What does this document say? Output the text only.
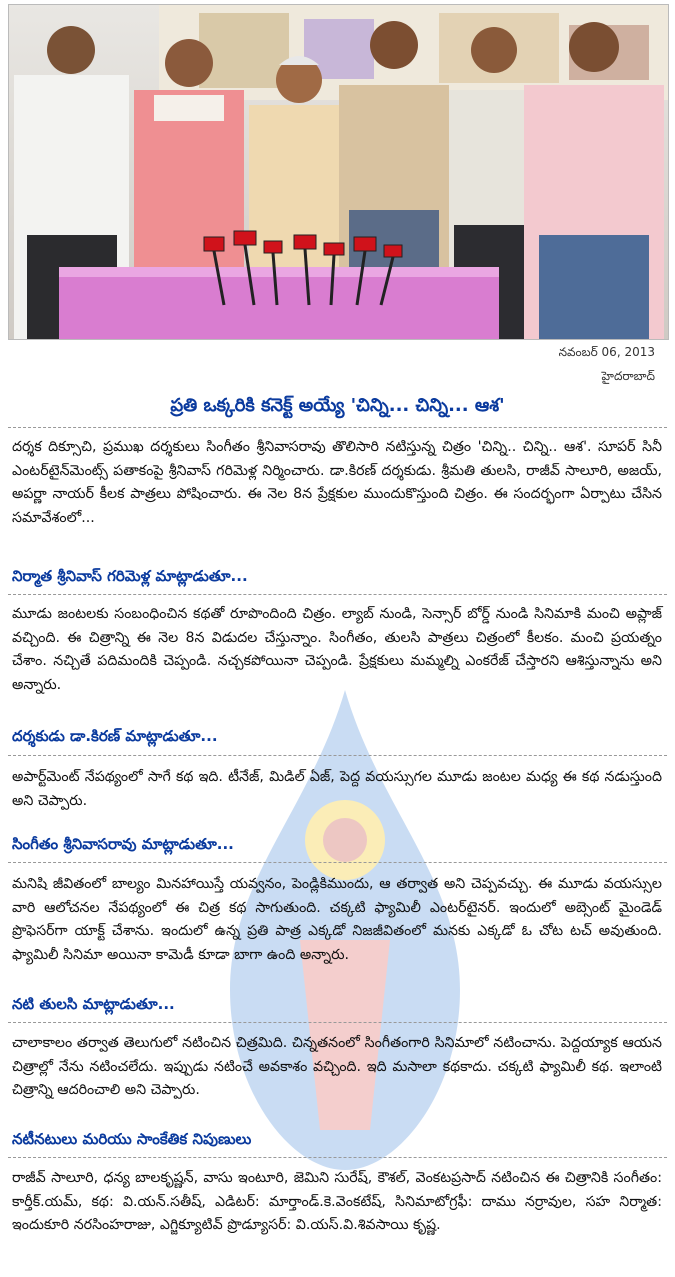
నవంబర్ 06, 2013
హైదరాబాద్
ప్రతి ఒక్కరికి కనెక్ట్ అయ్యే 'చిన్ని... చిన్ని... ఆశ'
దర్శక దిక్సూచి, ప్రముఖ దర్శకులు సింగీతం శ్రీనివాసరావు తొలిసారి నటిస్తున్న చిత్రం 'చిన్ని.. చిన్ని.. ఆశ'. సూపర్ సినీ ఎంటర్‌టైన్‌మెంట్స్ పతాకంపై శ్రీనివాస్ గరిమెళ్ల నిర్మించారు. డా.కిరణ్ దర్శకుడు. శ్రీమతి తులసి, రాజీవ్ సాలూరి, అజయ్, అపర్ణా నాయర్ కీలక పాత్రలు పోషించారు. ఈ నెల 8న ప్రేక్షకుల ముందుకొస్తుంది చిత్రం. ఈ సందర్భంగా ఏర్పాటు చేసిన సమావేశంలో...
నిర్మాత శ్రీనివాస్ గరిమెళ్ల మాట్లాడుతూ...
మూడు జంటలకు సంబంధించిన కథతో రూపొందింది చిత్రం. ల్యాబ్ నుండి, సెన్సార్ బోర్డ్ నుండి సినిమాకి మంచి అప్లాజ్ వచ్చింది. ఈ చిత్రాన్ని ఈ నెల 8న విడుదల చేస్తున్నాం. సింగీతం, తులసి పాత్రలు చిత్రంలో కీలకం. మంచి ప్రయత్నం చేశాం. నచ్చితే పదిమందికి చెప్పండి. నచ్చకపోయినా చెప్పండి. ప్రేక్షకులు మమ్మల్ని ఎంకరేజ్ చేస్తారని ఆశిస్తున్నాను అని అన్నారు.
దర్శకుడు డా.కిరణ్ మాట్లాడుతూ...
అపార్ట్‌మెంట్ నేపథ్యంలో సాగే కథ ఇది. టీనేజ్, మిడిల్ ఏజ్, పెద్ద వయస్సుగల మూడు జంటల మధ్య ఈ కథ నడుస్తుంది అని చెప్పారు.
సింగీతం శ్రీనివాసరావు మాట్లాడుతూ...
మనిషి జీవితంలో బాల్యం మినహాయిస్తే యవ్వనం, పెండ్లికిముందు, ఆ తర్వాత అని చెప్పవచ్చు. ఈ మూడు వయస్సుల వారి ఆలోచనల నేపథ్యంలో ఈ చిత్ర కథ సాగుతుంది. చక్కటి ఫ్యామిలీ ఎంటర్‌టైనర్. ఇందులో అబ్సెంట్ మైండెడ్ ప్రొఫెసర్‌గా యాక్ట్ చేశాను. ఇందులో ఉన్న ప్రతి పాత్ర ఎక్కడో నిజజీవితంలో మనకు ఎక్కడో ఓ చోట టచ్ అవుతుంది. ఫ్యామిలీ సినిమా అయినా కామెడీ కూడా బాగా ఉంది అన్నారు.
నటి తులసి మాట్లాడుతూ...
చాలాకాలం తర్వాత తెలుగులో నటించిన చిత్రమిది. చిన్నతనంలో సింగీతంగారి సినిమాలో నటించాను. పెద్దయ్యాక ఆయన చిత్రాల్లో నేను నటించలేదు. ఇప్పుడు నటించే అవకాశం వచ్చింది. ఇది మసాలా కథకాదు. చక్కటి ఫ్యామిలీ కథ. ఇలాంటి చిత్రాన్ని ఆదరించాలి అని చెప్పారు.
నటీనటులు మరియు సాంకేతిక నిపుణులు
రాజీవ్ సాలూరి, ధన్య బాలకృష్ణన్, వాసు ఇంటూరి, జెమిని సురేష్, కౌశల్, వెంకటప్రసాద్ నటించిన ఈ చిత్రానికి సంగీతం: కార్తీక్.యమ్, కథ: వి.యన్.సతీష్, ఎడిటర్: మార్తాండ్.కె.వెంకటేష్, సినిమాటోగ్రఫీ: దాము నర్రావుల, సహ నిర్మాత: ఇందుకూరి నరసింహరాజు, ఎగ్జిక్యూటివ్ ప్రొడ్యూసర్: వి.యస్.వి.శివసాయి కృష్ణ.
